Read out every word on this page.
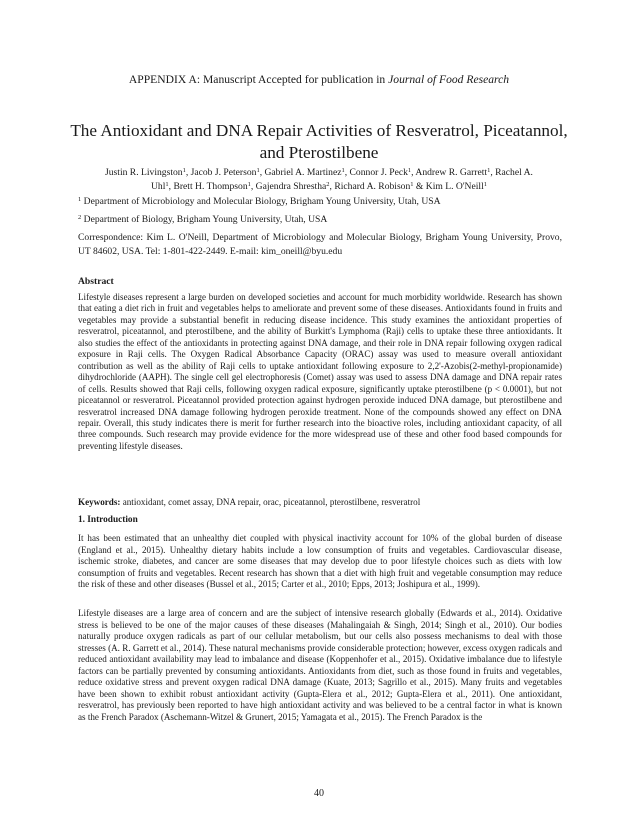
APPENDIX A: Manuscript Accepted for publication in Journal of Food Research
The Antioxidant and DNA Repair Activities of Resveratrol, Piceatannol, and Pterostilbene
Justin R. Livingston$^1$, Jacob J. Peterson$^1$, Gabriel A. Martinez$^1$, Connor J. Peck$^1$, Andrew R. Garrett$^1$, Rachel A. Uhl$^1$, Brett H. Thompson$^1$, Gajendra Shrestha$^2$, Richard A. Robison$^1$ & Kim L. O'Neill$^1$
$^1$ Department of Microbiology and Molecular Biology, Brigham Young University, Utah, USA
$^2$ Department of Biology, Brigham Young University, Utah, USA
Correspondence: Kim L. O'Neill, Department of Microbiology and Molecular Biology, Brigham Young University, Provo, UT 84602, USA. Tel: 1-801-422-2449. E-mail: kim_oneill@byu.edu
Abstract
Lifestyle diseases represent a large burden on developed societies and account for much morbidity worldwide. Research has shown that eating a diet rich in fruit and vegetables helps to ameliorate and prevent some of these diseases. Antioxidants found in fruits and vegetables may provide a substantial benefit in reducing disease incidence. This study examines the antioxidant properties of resveratrol, piceatannol, and pterostilbene, and the ability of Burkitt's Lymphoma (Raji) cells to uptake these three antioxidants. It also studies the effect of the antioxidants in protecting against DNA damage, and their role in DNA repair following oxygen radical exposure in Raji cells. The Oxygen Radical Absorbance Capacity (ORAC) assay was used to measure overall antioxidant contribution as well as the ability of Raji cells to uptake antioxidant following exposure to 2,2'-Azobis(2-methyl-propionamide) dihydrochloride (AAPH). The single cell gel electrophoresis (Comet) assay was used to assess DNA damage and DNA repair rates of cells. Results showed that Raji cells, following oxygen radical exposure, significantly uptake pterostilbene (p < 0.0001), but not piceatannol or resveratrol. Piceatannol provided protection against hydrogen peroxide induced DNA damage, but pterostilbene and resveratrol increased DNA damage following hydrogen peroxide treatment. None of the compounds showed any effect on DNA repair. Overall, this study indicates there is merit for further research into the bioactive roles, including antioxidant capacity, of all three compounds. Such research may provide evidence for the more widespread use of these and other food based compounds for preventing lifestyle diseases.
Keywords: antioxidant, comet assay, DNA repair, orac, piceatannol, pterostilbene, resveratrol
1. Introduction
It has been estimated that an unhealthy diet coupled with physical inactivity account for 10% of the global burden of disease (England et al., 2015). Unhealthy dietary habits include a low consumption of fruits and vegetables. Cardiovascular disease, ischemic stroke, diabetes, and cancer are some diseases that may develop due to poor lifestyle choices such as diets with low consumption of fruits and vegetables. Recent research has shown that a diet with high fruit and vegetable consumption may reduce the risk of these and other diseases (Bussel et al., 2015; Carter et al., 2010; Epps, 2013; Joshipura et al., 1999).
Lifestyle diseases are a large area of concern and are the subject of intensive research globally (Edwards et al., 2014). Oxidative stress is believed to be one of the major causes of these diseases (Mahalingaiah & Singh, 2014; Singh et al., 2010). Our bodies naturally produce oxygen radicals as part of our cellular metabolism, but our cells also possess mechanisms to deal with those stresses (A. R. Garrett et al., 2014). These natural mechanisms provide considerable protection; however, excess oxygen radicals and reduced antioxidant availability may lead to imbalance and disease (Koppenhofer et al., 2015). Oxidative imbalance due to lifestyle factors can be partially prevented by consuming antioxidants. Antioxidants from diet, such as those found in fruits and vegetables, reduce oxidative stress and prevent oxygen radical DNA damage (Kuate, 2013; Sagrillo et al., 2015). Many fruits and vegetables have been shown to exhibit robust antioxidant activity (Gupta-Elera et al., 2012; Gupta-Elera et al., 2011). One antioxidant, resveratrol, has previously been reported to have high antioxidant activity and was believed to be a central factor in what is known as the French Paradox (Aschemann-Witzel & Grunert, 2015; Yamagata et al., 2015). The French Paradox is the
40
